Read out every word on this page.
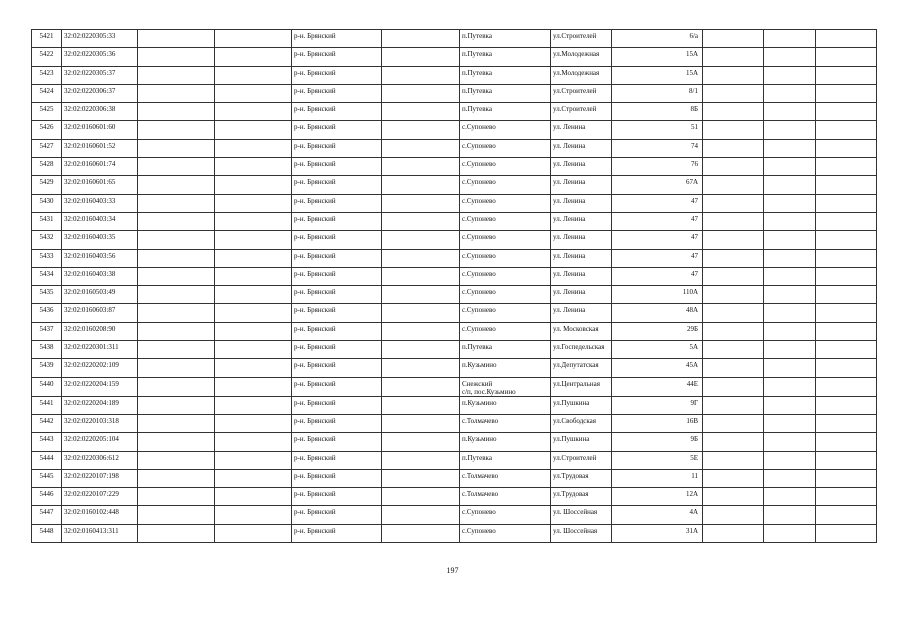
5421	32:02:0220305:33			р-н. Брянский		п.Путевка	ул.Строителей	6/а			
5422	32:02:0220305:36			р-н. Брянский		п.Путевка	ул.Молодежная	15А			
5423	32:02:0220305:37			р-н. Брянский		п.Путевка	ул.Молодежная	15А			
5424	32:02:0220306:37			р-н. Брянский		п.Путевка	ул.Строителей	8/1			
5425	32:02:0220306:38			р-н. Брянский		п.Путевка	ул.Строителей	8Б			
5426	32:02:0160601:60			р-н. Брянский		с.Супонево	ул. Ленина	51			
5427	32:02:0160601:52			р-н. Брянский		с.Супонево	ул. Ленина	74			
5428	32:02:0160601:74			р-н. Брянский		с.Супонево	ул. Ленина	76			
5429	32:02:0160601:65			р-н. Брянский		с.Супонево	ул. Ленина	67А			
5430	32:02:0160403:33			р-н. Брянский		с.Супонево	ул. Ленина	47			
5431	32:02:0160403:34			р-н. Брянский		с.Супонево	ул. Ленина	47			
5432	32:02:0160403:35			р-н. Брянский		с.Супонево	ул. Ленина	47			
5433	32:02:0160403:56			р-н. Брянский		с.Супонево	ул. Ленина	47			
5434	32:02:0160403:38			р-н. Брянский		с.Супонево	ул. Ленина	47			
5435	32:02:0160503:49			р-н. Брянский		с.Супонево	ул. Ленина	110А			
5436	32:02:0160603:87			р-н. Брянский		с.Супонево	ул. Ленина	48А			
5437	32:02:0160208:90			р-н. Брянский		с.Супонево	ул. Московская	29Б			
5438	32:02:0220301:311			р-н. Брянский		п.Путевка	ул.Госпедельская	5А			
5439	32:02:0220202:109			р-н. Брянский		п.Кузьмино	ул.Депутатская	45А			
5440	32:02:0220204:159			р-н. Брянский		Снежский
с/п, пос.Кузьмино	ул.Центральная	44Е			
5441	32:02:0220204:189			р-н. Брянский		п.Кузьмино	ул.Пушкина	9Г			
5442	32:02:0220103:318			р-н. Брянский		с.Толмачево	ул.Свободская	16В			
5443	32:02:0220205:104			р-н. Брянский		п.Кузьмино	ул.Пушкина	9Б			
5444	32:02:0220306:612			р-н. Брянский		п.Путевка	ул.Строителей	5Е			
5445	32:02:0220107:198			р-н. Брянский		с.Толмачево	ул.Трудовая	11			
5446	32:02:0220107:229			р-н. Брянский		с.Толмачево	ул.Трудовая	12А			
5447	32:02:0160102:448			р-н. Брянский		с.Супонево	ул. Шоссейная	4А			
5448	32:02:0160413:311			р-н. Брянский		с.Супонево	ул. Шоссейная	31А			
197
